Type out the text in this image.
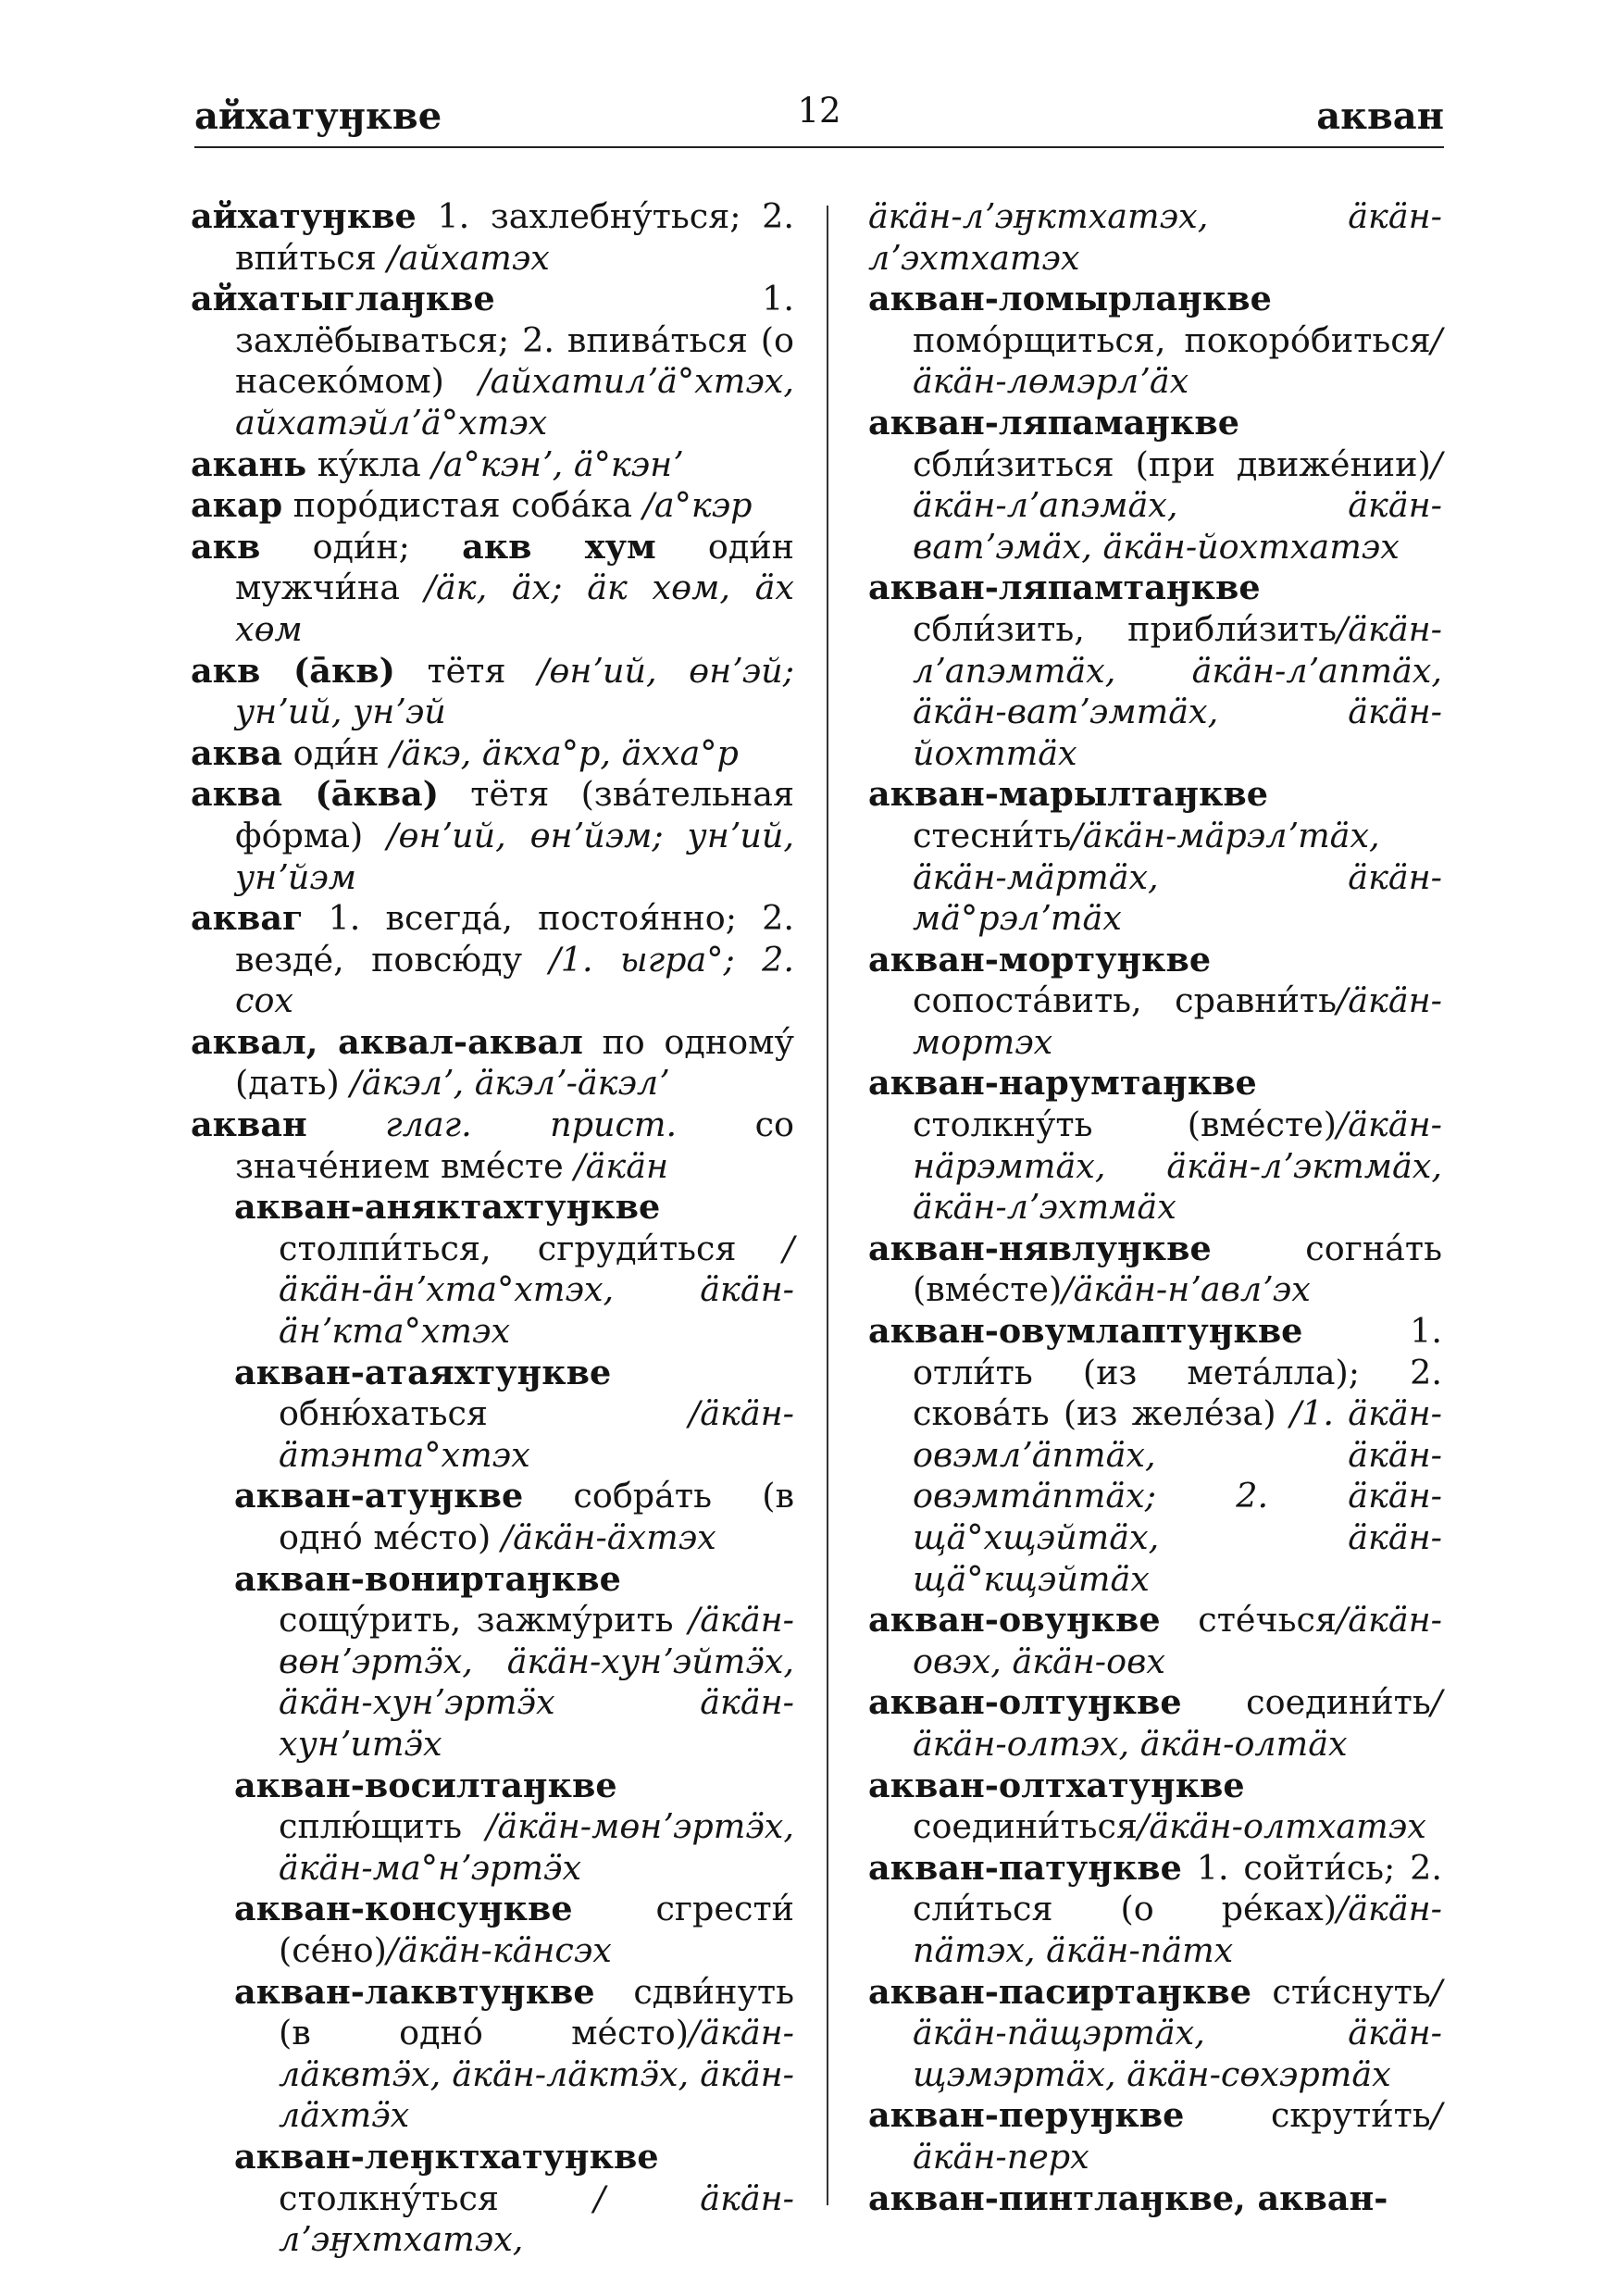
айхатуӈкве	12	акван
айхатуӈкве 1. захлебну́ться; 2. впи́ться /айхатэх
айхатыглаӈкве 1. захлёбываться; 2. впива́ться (о насеко́мом) /айхатилʼӓ°хтэх, айхатэйлʼӓ°хтэх
акань ку́кла /а°кэнʼ, ӓ°кэнʼ
акар поро́дистая соба́ка /а°кэр
акв оди́н; акв хум оди́н мужчи́на /ӓк, ӓх; ӓк хөм, ӓх хөм
акв (а̄кв) тётя /өнʼий, өнʼэй; унʼий, унʼэй
аква оди́н /ӓкэ, ӓкха°р, ӓхха°р
аква (а̄ква) тётя (зва́тельная фо́рма) /өнʼий, өнʼйэм; унʼий, унʼйэм
акваг 1. всегда́, постоя́нно; 2. везде́, повсю́ду /1. ыгра°; 2. сох
аквал, аквал-аквал по одному́ (дать) /ӓкэлʼ, ӓкэлʼ-ӓкэлʼ
акван глаг. прист. со значе́нием вме́сте /ӓкӓн
акван-аняктахтуӈкве столпи́ться, сгруди́ться /ӓкӓн-ӓнʼхта°хтэх, ӓкӓн-ӓнʼкта°хтэх
акван-атаяхтуӈкве обню́хаться /ӓкӓн-ӓтэнта°хтэх
акван-атуӈкве собра́ть (в одно́ ме́сто) /ӓкӓн-ӓхтэх
акван-вониртаӈкве сощу́рить, зажму́рить /ӓкӓн-вөнʼэртӭх, ӓкӓн-хунʼэйтӭх, ӓкӓн-хунʼэртӭх ӓкӓн-хунʼитӭх
акван-восилтаӈкве сплю́щить /ӓкӓн-мөнʼэртӭх, ӓкӓн-ма°нʼэртӭх
акван-консуӈкве сгрести́ (се́но)/ӓкӓн-кӓнсэх
акван-лаквтуӈкве сдви́нуть (в одно́ ме́сто)/ӓкӓн-лӓквтӭх, ӓкӓн-лӓктӭх, ӓкӓн-лӓхтӭх
акван-леӈктхатуӈкве столкну́ться / ӓкӓн-лʼэӈхтхатэх,
ӓкӓн-лʼэӈктхатэх, ӓкӓн-лʼэхтхатэх
акван-ломырлаӈкве помо́рщиться, покоро́биться/ӓкӓн-лөмэрлʼӓх
акван-ляпамаӈкве сбли́зиться (при движе́нии)/ӓкӓн-лʼапэмӓх, ӓкӓн-ватʼэмӓх, ӓкӓн-йохтхатэх
акван-ляпамтаӈкве сбли́зить, прибли́зить/ӓкӓн-лʼапэмтӓх, ӓкӓн-лʼаптӓх, ӓкӓн-ватʼэмтӓх, ӓкӓн-йохттӓх
акван-марылтаӈкве стесни́ть/ӓкӓн-мӓрэлʼтӓх, ӓкӓн-мӓртӓх, ӓкӓн-мӓ°рэлʼтӓх
акван-мортуӈкве сопоста́вить, сравни́ть/ӓкӓн-мортэх
акван-нарумтаӈкве столкну́ть (вме́сте)/ӓкӓн-нӓрэмтӓх, ӓкӓн-лʼэктмӓх, ӓкӓн-лʼэхтмӓх
акван-нявлуӈкве согна́ть (вме́сте)/ӓкӓн-нʼавлʼэх
акван-овумлаптуӈкве 1. отли́ть (из мета́лла); 2. скова́ть (из желе́за) /1. ӓкӓн-овэмлʼӓптӓх, ӓкӓн-овэмтӓптӓх; 2. ӓкӓн-щӓ°хщэйтӓх, ӓкӓн-щӓ°кщэйтӓх
акван-овуӈкве сте́чься/ӓкӓн-овэх, ӓкӓн-овх
акван-олтуӈкве соедини́ть/ӓкӓн-олтэх, ӓкӓн-олтӓх
акван-олтхатуӈкве соедини́ться/ӓкӓн-олтхатэх
акван-патуӈкве 1. сойти́сь; 2. сли́ться (о ре́ках)/ӓкӓн-пӓтэх, ӓкӓн-пӓтх
акван-пасиртаӈкве сти́снуть/ӓкӓн-пӓщэртӓх, ӓкӓн-щэмэртӓх, ӓкӓн-сөхэртӓх
акван-перуӈкве скрути́ть/ӓкӓн-перх
акван-пинтлаӈкве, акван-
